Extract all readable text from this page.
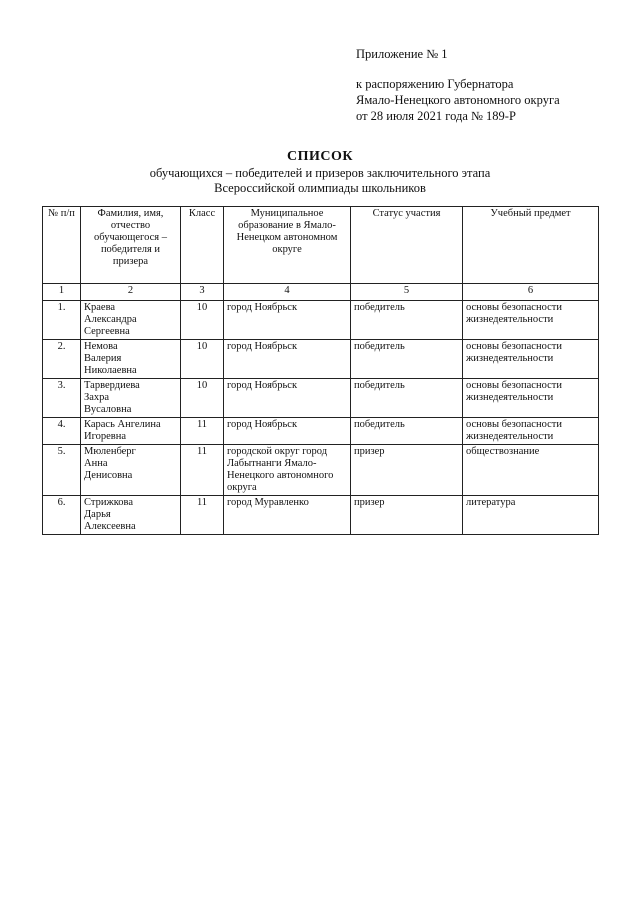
Приложение № 1
к распоряжению Губернатора
Ямало-Ненецкого автономного округа
от 28 июля 2021 года № 189-Р
СПИСОК
обучающихся – победителей и призеров заключительного этапа
Всероссийской олимпиады школьников
№ п/п	Фамилия, имя, отчество обучающегося – победителя и призера	Класс	Муниципальное образование в Ямало-Ненецком автономном округе	Статус участия	Учебный предмет
1	2	3	4	5	6
1.	Краева
Александра
Сергеевна	10	город Ноябрьск	победитель	основы безопасности жизнедеятельности
2.	Немова
Валерия
Николаевна	10	город Ноябрьск	победитель	основы безопасности жизнедеятельности
3.	Тарвердиева
Захра
Вусаловна	10	город Ноябрьск	победитель	основы безопасности жизнедеятельности
4.	Карась Ангелина
Игоревна	11	город Ноябрьск	победитель	основы безопасности жизнедеятельности
5.	Мюленберг
Анна
Денисовна	11	городской округ город Лабытнанги Ямало-Ненецкого автономного округа	призер	обществознание
6.	Стрижкова
Дарья
Алексеевна	11	город Муравленко	призер	литература
